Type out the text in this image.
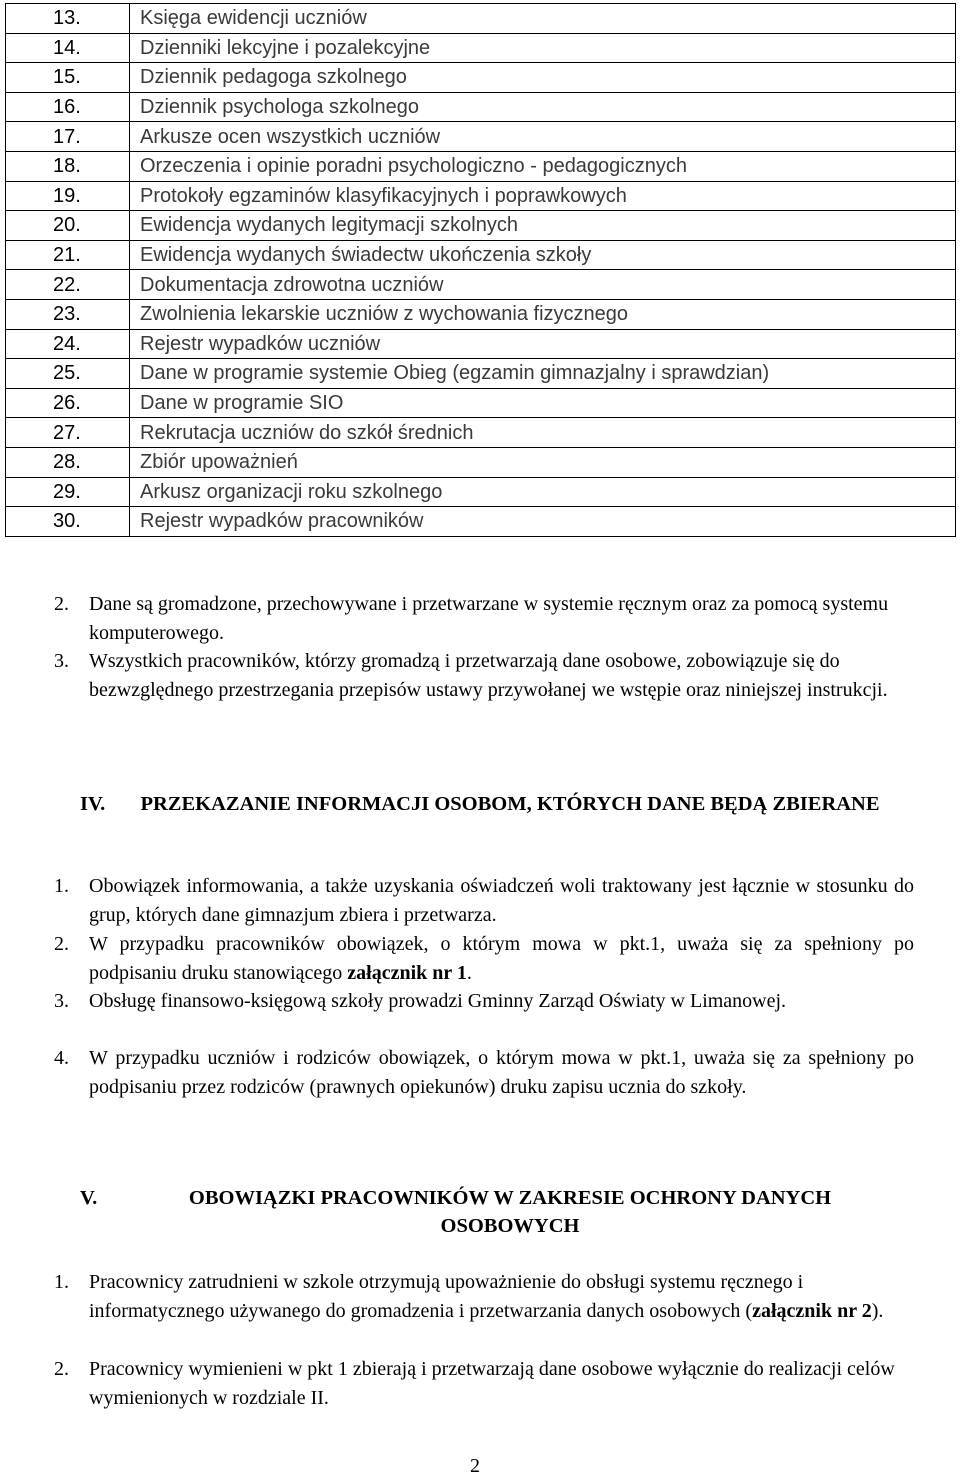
13.	Księga ewidencji uczniów
14.	Dzienniki lekcyjne i pozalekcyjne
15.	Dziennik pedagoga szkolnego
16.	Dziennik psychologa szkolnego
17.	Arkusze ocen wszystkich uczniów
18.	Orzeczenia i opinie poradni psychologiczno - pedagogicznych
19.	Protokoły egzaminów klasyfikacyjnych i poprawkowych
20.	Ewidencja wydanych legitymacji szkolnych
21.	Ewidencja wydanych świadectw ukończenia szkoły
22.	Dokumentacja zdrowotna uczniów
23.	Zwolnienia lekarskie uczniów z wychowania fizycznego
24.	Rejestr wypadków uczniów
25.	Dane w programie systemie Obieg (egzamin gimnazjalny i sprawdzian)
26.	Dane w programie SIO
27.	Rekrutacja uczniów do szkół średnich
28.	Zbiór upoważnień
29.	Arkusz organizacji roku szkolnego
30.	Rejestr wypadków pracowników
2. Dane są gromadzone, przechowywane i przetwarzane w systemie ręcznym oraz za pomocą systemu komputerowego.
3. Wszystkich pracowników, którzy gromadzą i przetwarzają dane osobowe, zobowiązuje się do bezwzględnego przestrzegania przepisów ustawy przywołanej we wstępie oraz niniejszej instrukcji.
IV.	PRZEKAZANIE INFORMACJI OSOBOM, KTÓRYCH DANE BĘDĄ ZBIERANE
1. Obowiązek informowania, a także uzyskania oświadczeń woli traktowany jest łącznie w stosunku do grup, których dane gimnazjum zbiera i przetwarza.
2. W przypadku pracowników obowiązek, o którym mowa w pkt.1, uważa się za spełniony po podpisaniu druku stanowiącego załącznik nr 1.
3. Obsługę finansowo-księgową szkoły prowadzi Gminny Zarząd Oświaty w Limanowej.
4. W przypadku uczniów i rodziców obowiązek, o którym mowa w pkt.1, uważa się za spełniony po podpisaniu przez rodziców (prawnych opiekunów) druku zapisu ucznia do szkoły.
V.	OBOWIĄZKI PRACOWNIKÓW W ZAKRESIE OCHRONY DANYCH OSOBOWYCH
1. Pracownicy zatrudnieni w szkole otrzymują upoważnienie do obsługi systemu ręcznego i informatycznego używanego do gromadzenia i przetwarzania danych osobowych (załącznik nr 2).
2. Pracownicy wymienieni w pkt 1 zbierają i przetwarzają dane osobowe wyłącznie do realizacji celów wymienionych w rozdziale II.
2
